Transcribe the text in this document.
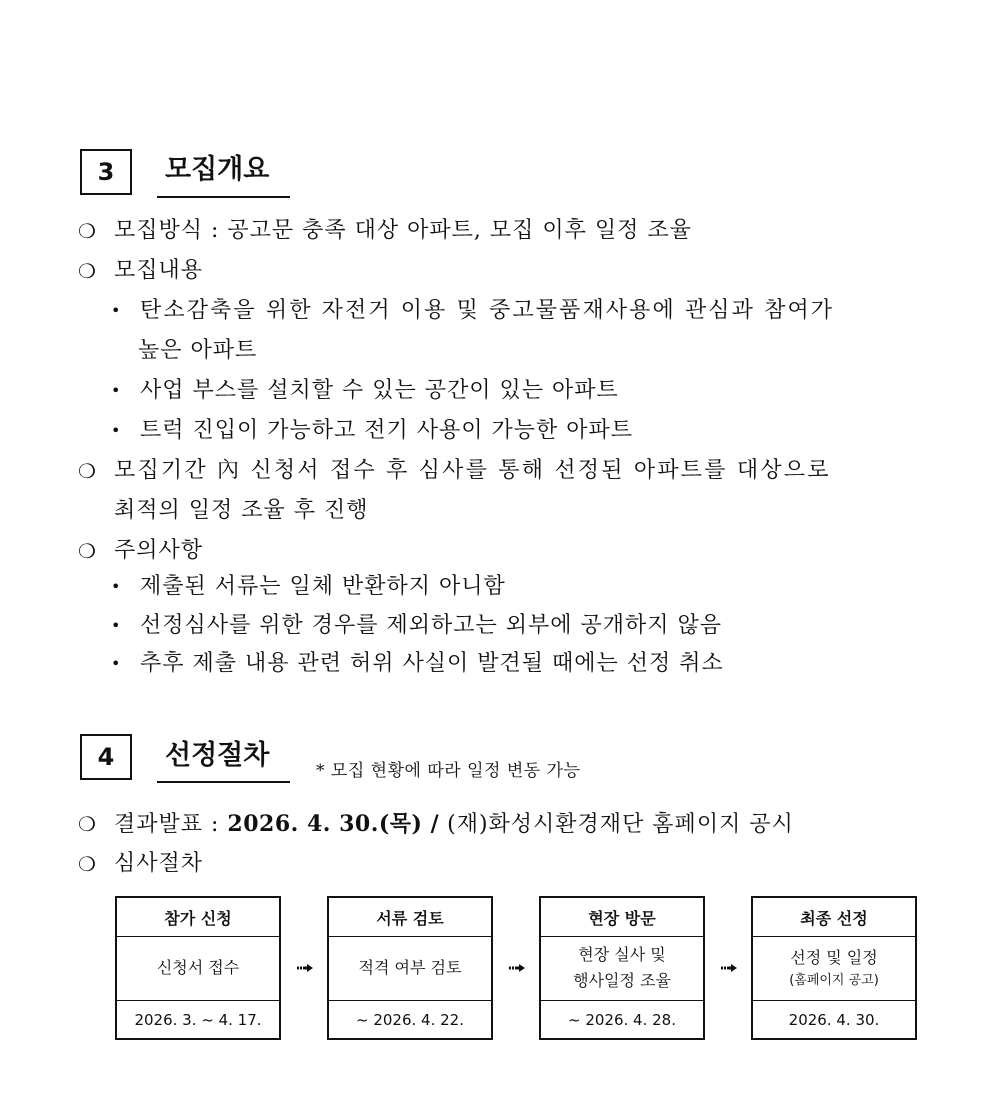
3 모집개요
❍ 모집방식 : 공고문 충족 대상 아파트, 모집 이후 일정 조율
❍ 모집내용
• 탄소감축을 위한 자전거 이용 및 중고물품재사용에 관심과 참여가
높은 아파트
• 사업 부스를 설치할 수 있는 공간이 있는 아파트
• 트럭 진입이 가능하고 전기 사용이 가능한 아파트
❍ 모집기간 內 신청서 접수 후 심사를 통해 선정된 아파트를 대상으로
최적의 일정 조율 후 진행
❍ 주의사항
• 제출된 서류는 일체 반환하지 아니함
• 선정심사를 위한 경우를 제외하고는 외부에 공개하지 않음
• 추후 제출 내용 관련 허위 사실이 발견될 때에는 선정 취소
4 선정절차	* 모집 현황에 따라 일정 변동 가능
❍ 결과발표 : 2026. 4. 30.(목) / (재)화성시환경재단 홈페이지 공시
❍ 심사절차
참가 신청
신청서 접수
2026. 3. ~ 4. 17.
서류 검토
적격 여부 검토
~ 2026. 4. 22.
현장 방문
현장 실사 및
행사일정 조율
~ 2026. 4. 28.
최종 선정
선정 및 일정
(홈페이지 공고)
2026. 4. 30.
